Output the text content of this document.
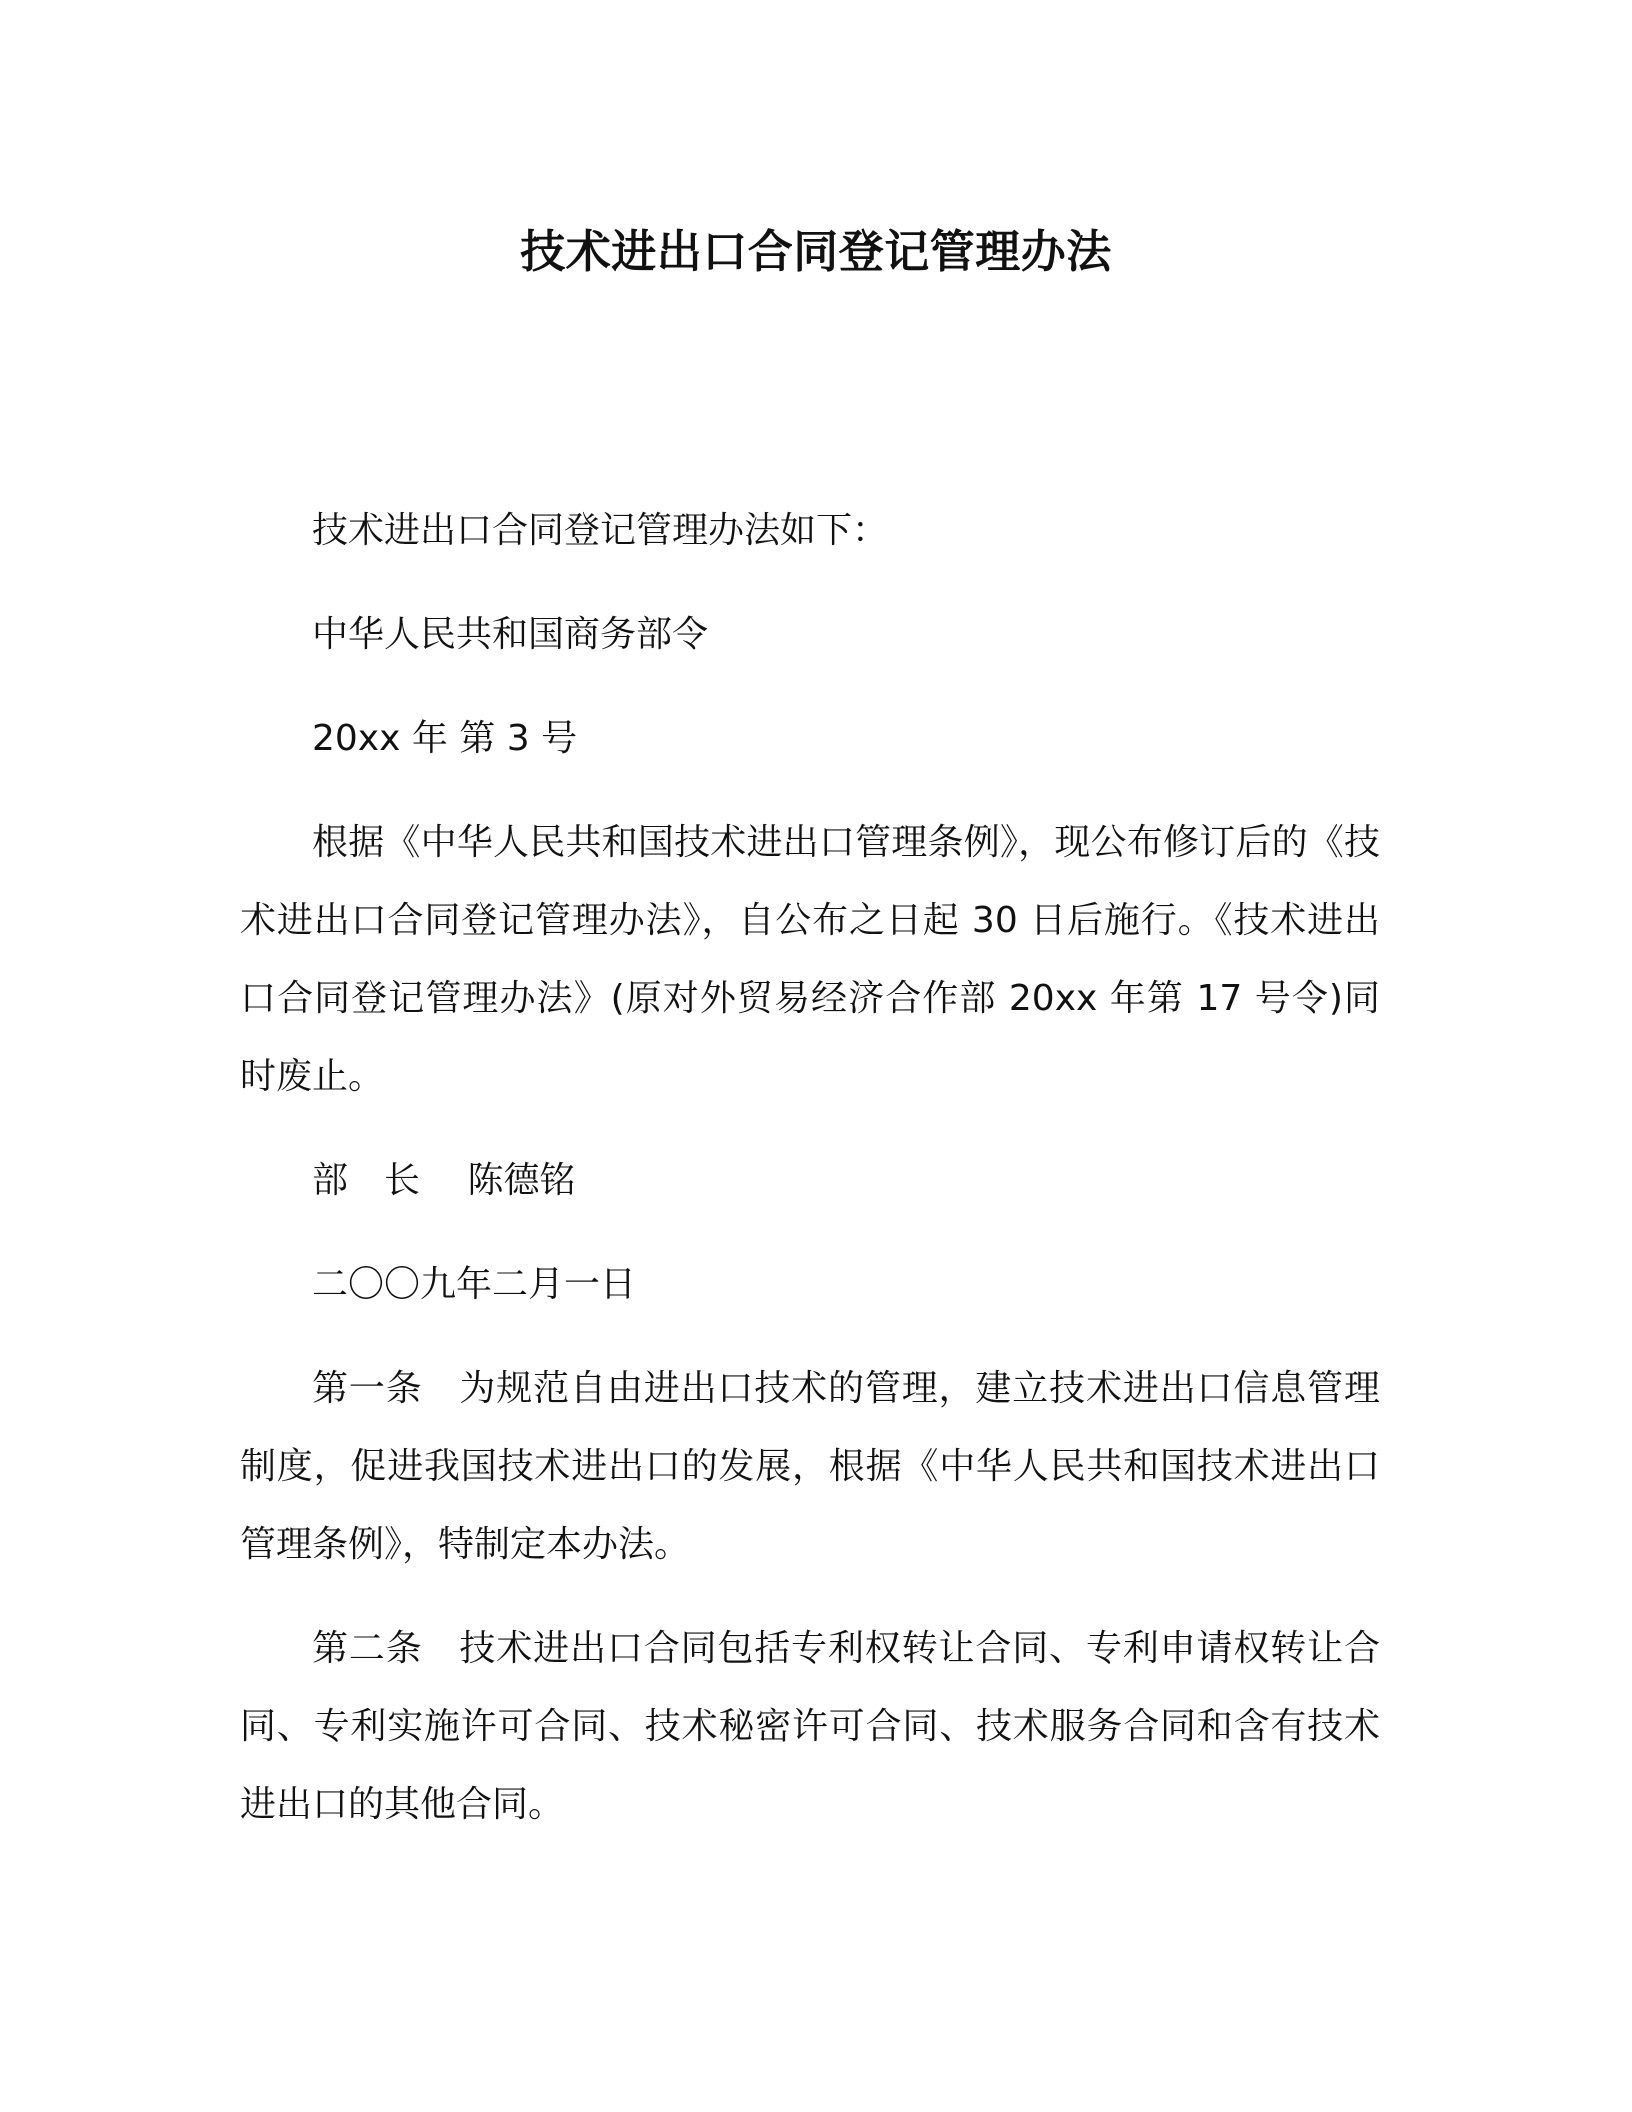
技术进出口合同登记管理办法

技术进出口合同登记管理办法如下：

中华人民共和国商务部令

20xx 年 第 3 号

根据《中华人民共和国技术进出口管理条例》，现公布修订后的《技术进出口合同登记管理办法》，自公布之日起 30 日后施行。《技术进出口合同登记管理办法》(原对外贸易经济合作部 20xx 年第 17 号令)同时废止。

部　长　 陈德铭

二〇〇九年二月一日

第一条　为规范自由进出口技术的管理，建立技术进出口信息管理制度，促进我国技术进出口的发展，根据《中华人民共和国技术进出口管理条例》，特制定本办法。

第二条　技术进出口合同包括专利权转让合同、专利申请权转让合同、专利实施许可合同、技术秘密许可合同、技术服务合同和含有技术进出口的其他合同。
